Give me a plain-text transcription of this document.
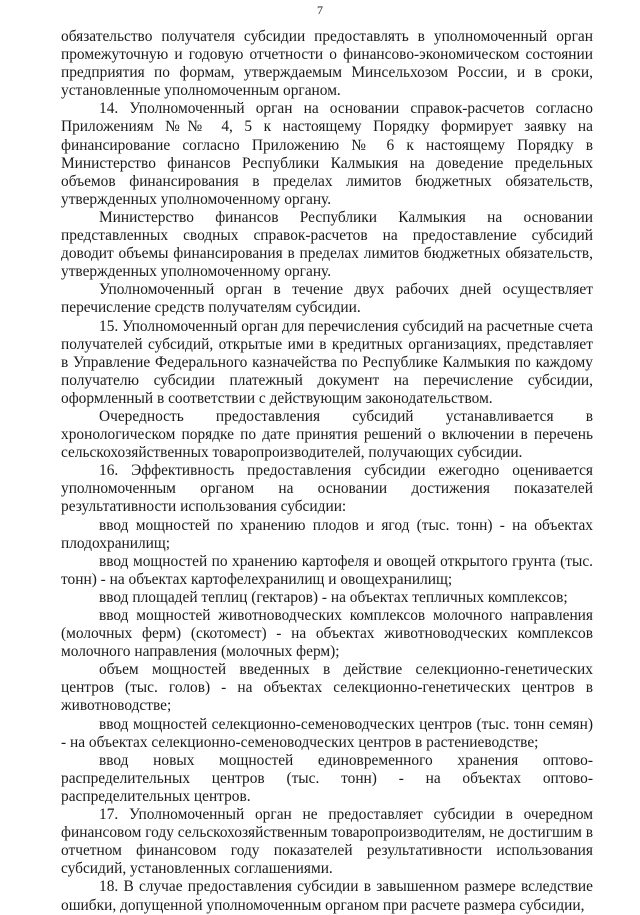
7

обязательство получателя субсидии предоставлять в уполномоченный орган промежуточную и годовую отчетности о финансово-экономическом состоянии предприятия по формам, утверждаемым Минсельхозом России, и в сроки, установленные уполномоченным органом.

14. Уполномоченный орган на основании справок-расчетов согласно Приложениям №№ 4, 5 к настоящему Порядку формирует заявку на финансирование согласно Приложению № 6 к настоящему Порядку в Министерство финансов Республики Калмыкия на доведение предельных объемов финансирования в пределах лимитов бюджетных обязательств, утвержденных уполномоченному органу.

Министерство финансов Республики Калмыкия на основании представленных сводных справок-расчетов на предоставление субсидий доводит объемы финансирования в пределах лимитов бюджетных обязательств, утвержденных уполномоченному органу.

Уполномоченный орган в течение двух рабочих дней осуществляет перечисление средств получателям субсидии.

15. Уполномоченный орган для перечисления субсидий на расчетные счета получателей субсидий, открытые ими в кредитных организациях, представляет в Управление Федерального казначейства по Республике Калмыкия по каждому получателю субсидии платежный документ на перечисление субсидии, оформленный в соответствии с действующим законодательством.

Очередность предоставления субсидий устанавливается в хронологическом порядке по дате принятия решений о включении в перечень сельскохозяйственных товаропроизводителей, получающих субсидии.

16. Эффективность предоставления субсидии ежегодно оценивается уполномоченным органом на основании достижения показателей результативности использования субсидии:

ввод мощностей по хранению плодов и ягод (тыс. тонн) - на объектах плодохранилищ;

ввод мощностей по хранению картофеля и овощей открытого грунта (тыс. тонн) - на объектах картофелехранилищ и овощехранилищ;

ввод площадей теплиц (гектаров) - на объектах тепличных комплексов;

ввод мощностей животноводческих комплексов молочного направления (молочных ферм) (скотомест) - на объектах животноводческих комплексов молочного направления (молочных ферм);

объем мощностей введенных в действие селекционно-генетических центров (тыс. голов) - на объектах селекционно-генетических центров в животноводстве;

ввод мощностей селекционно-семеноводческих центров (тыс. тонн семян) - на объектах селекционно-семеноводческих центров в растениеводстве;

ввод новых мощностей единовременного хранения оптово-распределительных центров (тыс. тонн) - на объектах оптово-распределительных центров.

17. Уполномоченный орган не предоставляет субсидии в очередном финансовом году сельскохозяйственным товаропроизводителям, не достигшим в отчетном финансовом году показателей результативности использования субсидий, установленных соглашениями.

18. В случае предоставления субсидии в завышенном размере вследствие ошибки, допущенной уполномоченным органом при расчете размера субсидии,
